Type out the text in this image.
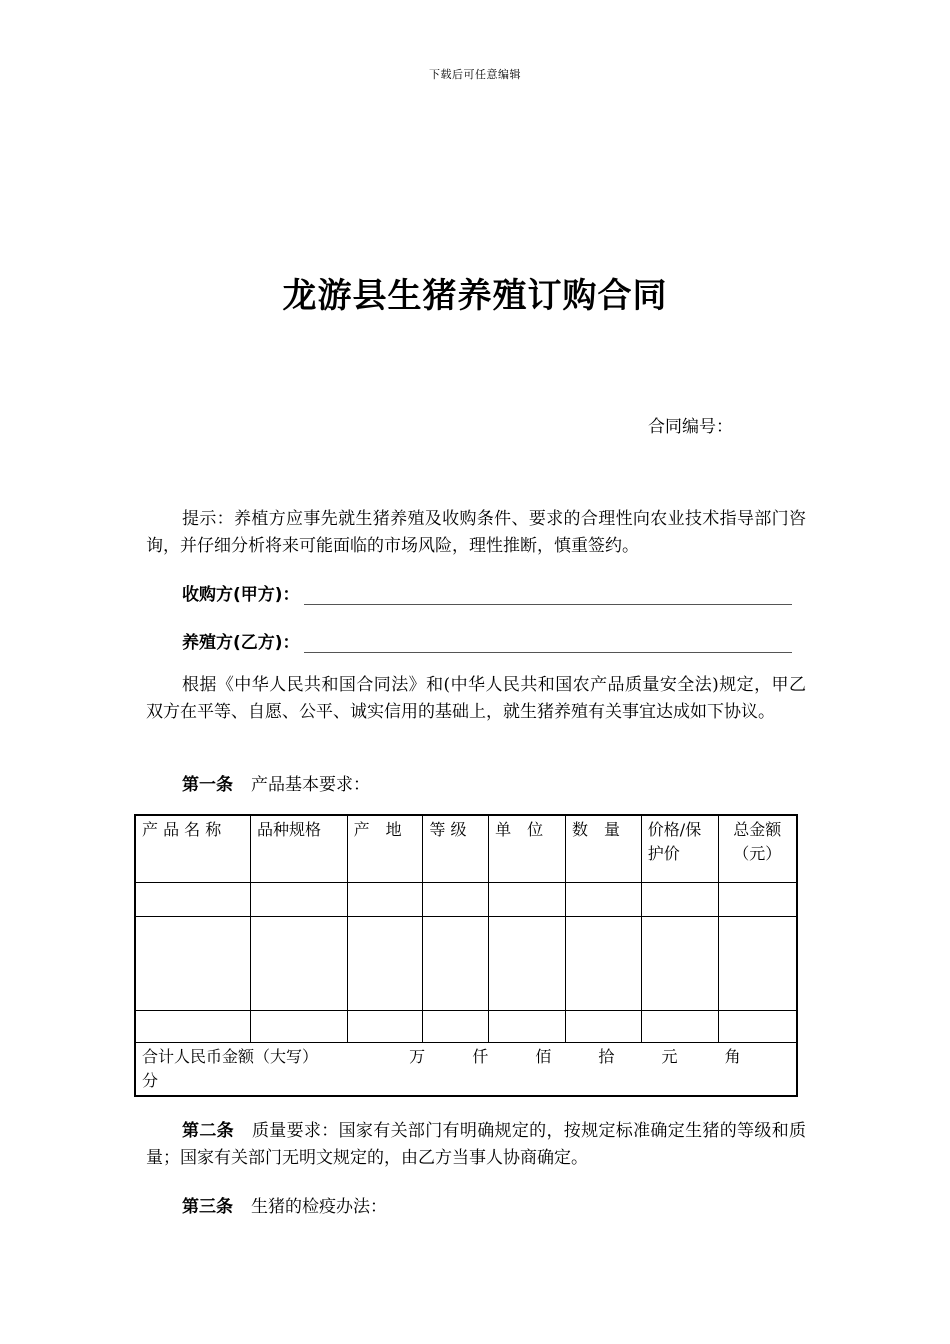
下载后可任意编辑
龙游县生猪养殖订购合同
合同编号：
提示：养植方应事先就生猪养殖及收购条件、要求的合理性向农业技术指导部门咨询，并仔细分析将来可能面临的市场风险，理性推断，慎重签约。
收购方(甲方)：
养殖方(乙方)：
根据《中华人民共和国合同法》和(中华人民共和国农产品质量安全法)规定，甲乙双方在平等、自愿、公平、诚实信用的基础上，就生猪养殖有关事宜达成如下协议。
第一条 产品基本要求：
产 品 名 称	品种规格	产　地	等 级	单　位	数　量	价格/保护价	总金额（元）

合计人民币金额（大写） 万 仟 佰 拾 元 角
分							
第二条 质量要求：国家有关部门有明确规定的，按规定标准确定生猪的等级和质量；国家有关部门无明文规定的，由乙方当事人协商确定。
第三条 生猪的检疫办法：
